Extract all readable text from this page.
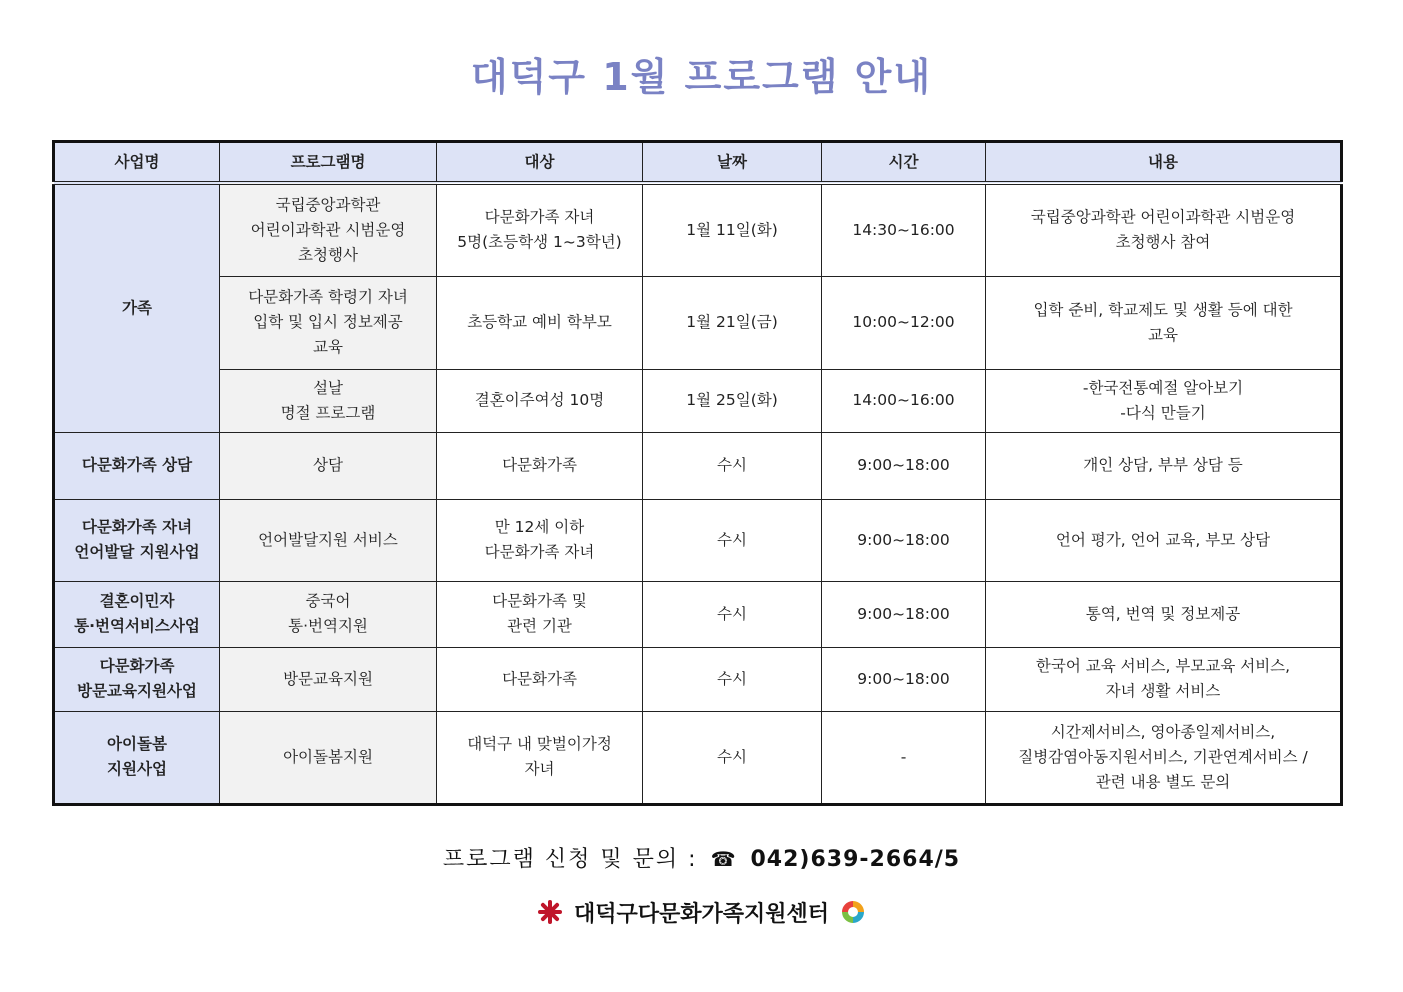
대덕구 1월 프로그램 안내
사업명	프로그램명	대상	날짜	시간	내용

가족	국립중앙과학관
어린이과학관 시범운영
초청행사	다문화가족 자녀
5명(초등학생 1~3학년)	1월 11일(화)	14:30~16:00	국립중앙과학관 어린이과학관 시범운영
초청행사 참여

	다문화가족 학령기 자녀
입학 및 입시 정보제공
교육	초등학교 예비 학부모	1월 21일(금)	10:00~12:00	입학 준비, 학교제도 및 생활 등에 대한
교육

	설날
명절 프로그램	결혼이주여성 10명	1월 25일(화)	14:00~16:00	-한국전통예절 알아보기
-다식 만들기

다문화가족 상담	상담	다문화가족	수시	9:00~18:00	개인 상담, 부부 상담 등

다문화가족 자녀
언어발달 지원사업	언어발달지원 서비스	만 12세 이하
다문화가족 자녀	수시	9:00~18:00	언어 평가, 언어 교육, 부모 상담

결혼이민자
통·번역서비스사업	중국어
통·번역지원	다문화가족 및
관련 기관	수시	9:00~18:00	통역, 번역 및 정보제공

다문화가족
방문교육지원사업	방문교육지원	다문화가족	수시	9:00~18:00	한국어 교육 서비스, 부모교육 서비스,
자녀 생활 서비스

아이돌봄
지원사업	아이돌봄지원	대덕구 내 맞벌이가정
자녀	수시	-	시간제서비스, 영아종일제서비스,
질병감염아동지원서비스, 기관연계서비스 /
관련 내용 별도 문의
프로그램 신청 및 문의 : ☎ 042)639-2664/5
대덕구다문화가족지원센터
